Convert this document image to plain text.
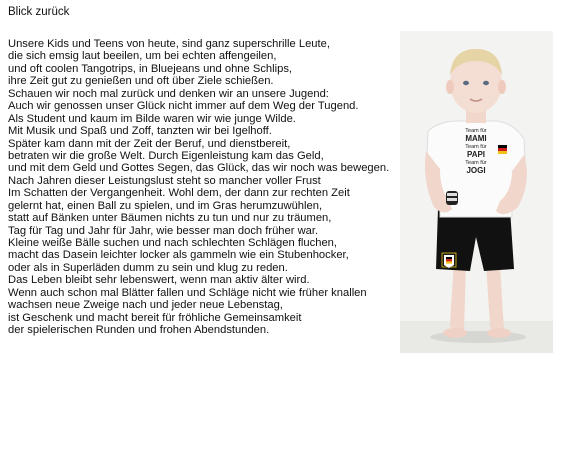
Blick zurück
Unsere Kids und Teens von heute, sind ganz superschrille Leute,
die sich emsig laut beeilen, um bei echten affengeilen,
und oft coolen Tangotrips, in Bluejeans und ohne Schlips,
ihre Zeit gut zu genießen und oft über Ziele schießen.
Schauen wir noch mal zurück und denken wir an unsere Jugend:
Auch wir genossen unser Glück nicht immer auf dem Weg der Tugend.
Als Student und kaum im Bilde waren wir wie junge Wilde.
Mit Musik und Spaß und Zoff, tanzten wir bei Igelhoff.
Später kam dann mit der Zeit der Beruf, und dienstbereit,
betraten wir die große Welt. Durch Eigenleistung kam das Geld,
und mit dem Geld und Gottes Segen, das Glück, das wir noch was bewegen.
Nach Jahren dieser Leistungslust steht so mancher voller Frust
Im Schatten der Vergangenheit. Wohl dem, der dann zur rechten Zeit
gelernt hat, einen Ball zu spielen, und im Gras herumzuwühlen,
statt auf Bänken unter Bäumen nichts zu tun und nur zu träumen,
Tag für Tag und Jahr für Jahr, wie besser man doch früher war.
Kleine weiße Bälle suchen und nach schlechten Schlägen fluchen,
macht das Dasein leichter locker als gammeln wie ein Stubenhocker,
oder als in Superläden dumm zu sein und klug zu reden.
Das Leben bleibt sehr lebenswert, wenn man aktiv älter wird.
Wenn auch schon mal Blätter fallen und Schläge nicht wie früher knallen
wachsen neue Zweige nach und jeder neue Lebenstag,
ist Geschenk und macht bereit für fröhliche Gemeinsamkeit
der spielerischen Runden und frohen Abendstunden.
Team für
MAMI
Team für
PAPI
Team für
JOGI
